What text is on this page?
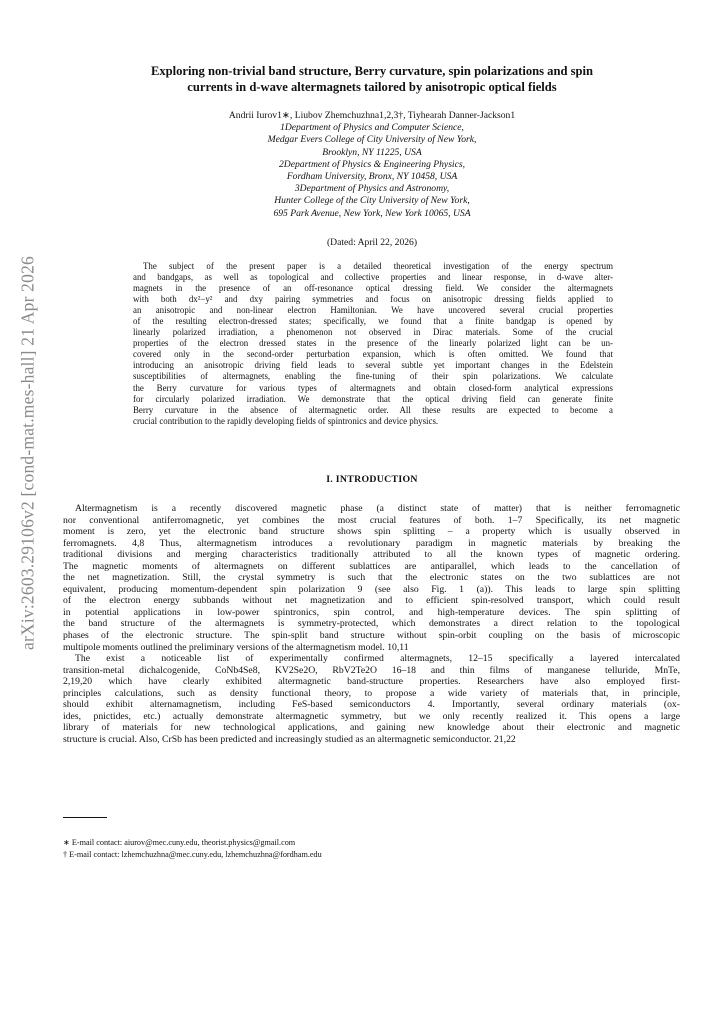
arXiv:2603.29106v2 [cond-mat.mes-hall] 21 Apr 2026
Exploring non-trivial band structure, Berry curvature, spin polarizations and spin
currents in d-wave altermagnets tailored by anisotropic optical fields
Andrii Iurov1∗, Liubov Zhemchuzhna1,2,3†, Tiyhearah Danner-Jackson1
1Department of Physics and Computer Science,
Medgar Evers College of City University of New York,
Brooklyn, NY 11225, USA
2Department of Physics & Engineering Physics,
Fordham University, Bronx, NY 10458, USA
3Department of Physics and Astronomy,
Hunter College of the City University of New York,
695 Park Avenue, New York, New York 10065, USA
(Dated: April 22, 2026)
The subject of the present paper is a detailed theoretical investigation of the energy spectrum
and bandgaps, as well as topological and collective properties and linear response, in d-wave alter-
magnets in the presence of an off-resonance optical dressing field. We consider the altermagnets
with both dx²−y² and dxy pairing symmetries and focus on anisotropic dressing fields applied to
an anisotropic and non-linear electron Hamiltonian. We have uncovered several crucial properties
of the resulting electron-dressed states; specifically, we found that a finite bandgap is opened by
linearly polarized irradiation, a phenomenon not observed in Dirac materials. Some of the crucial
properties of the electron dressed states in the presence of the linearly polarized light can be un-
covered only in the second-order perturbation expansion, which is often omitted. We found that
introducing an anisotropic driving field leads to several subtle yet important changes in the Edelstein
susceptibilities of altermagnets, enabling the fine-tuning of their spin polarizations. We calculate
the Berry curvature for various types of altermagnets and obtain closed-form analytical expressions
for circularly polarized irradiation. We demonstrate that the optical driving field can generate finite
Berry curvature in the absence of altermagnetic order. All these results are expected to become a
crucial contribution to the rapidly developing fields of spintronics and device physics.
I. INTRODUCTION
Altermagnetism is a recently discovered magnetic phase (a distinct state of matter) that is neither ferromagnetic
nor conventional antiferromagnetic, yet combines the most crucial features of both. 1–7 Specifically, its net magnetic
moment is zero, yet the electronic band structure shows spin splitting – a property which is usually observed in
ferromagnets. 4,8 Thus, altermagnetism introduces a revolutionary paradigm in magnetic materials by breaking the
traditional divisions and merging characteristics traditionally attributed to all the known types of magnetic ordering.
The magnetic moments of altermagnets on different sublattices are antiparallel, which leads to the cancellation of
the net magnetization. Still, the crystal symmetry is such that the electronic states on the two sublattices are not
equivalent, producing momentum-dependent spin polarization 9 (see also Fig. 1 (a)). This leads to large spin splitting
of the electron energy subbands without net magnetization and to efficient spin-resolved transport, which could result
in potential applications in low-power spintronics, spin control, and high-temperature devices. The spin splitting of
the band structure of the altermagnets is symmetry-protected, which demonstrates a direct relation to the topological
phases of the electronic structure. The spin-split band structure without spin-orbit coupling on the basis of microscopic
multipole moments outlined the preliminary versions of the altermagnetism model. 10,11
The exist a noticeable list of experimentally confirmed altermagnets, 12–15 specifically a layered intercalated
transition-metal dichalcogenide, CoNb4Se8, KV2Se2O, RbV2Te2O 16–18 and thin films of manganese telluride, MnTe,
2,19,20 which have clearly exhibited altermagnetic band-structure properties. Researchers have also employed first-
principles calculations, such as density functional theory, to propose a wide variety of materials that, in principle,
should exhibit alternamagnetism, including FeS-based semiconductors 4. Importantly, several ordinary materials (ox-
ides, pnictides, etc.) actually demonstrate altermagnetic symmetry, but we only recently realized it. This opens a large
library of materials for new technological applications, and gaining new knowledge about their electronic and magnetic
structure is crucial. Also, CrSb has been predicted and increasingly studied as an altermagnetic semiconductor. 21,22
∗ E-mail contact: aiurov@mec.cuny.edu, theorist.physics@gmail.com
† E-mail contact: lzhemchuzhna@mec.cuny.edu, lzhemchuzhna@fordham.edu
